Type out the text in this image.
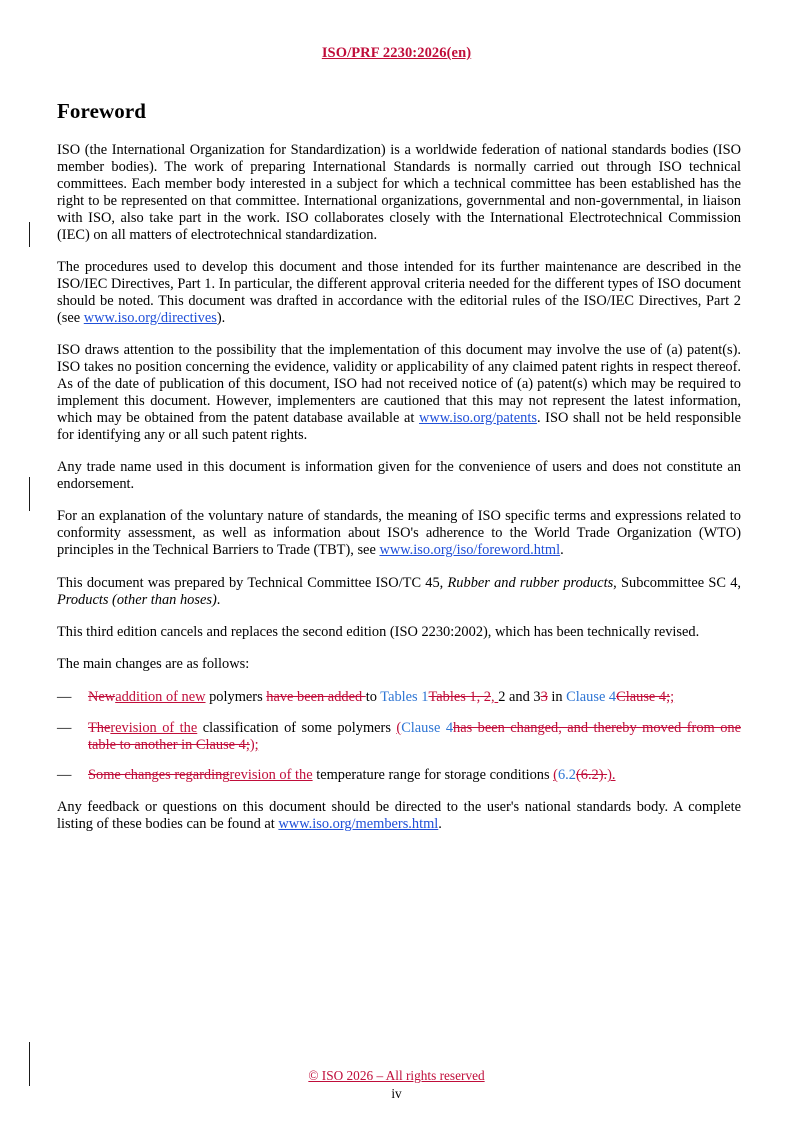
ISO/PRF 2230:2026(en)
Foreword

ISO (the International Organization for Standardization) is a worldwide federation of national standards bodies (ISO member bodies). The work of preparing International Standards is normally carried out through ISO technical committees. Each member body interested in a subject for which a technical committee has been established has the right to be represented on that committee. International organizations, governmental and non-governmental, in liaison with ISO, also take part in the work. ISO collaborates closely with the International Electrotechnical Commission (IEC) on all matters of electrotechnical standardization.

The procedures used to develop this document and those intended for its further maintenance are described in the ISO/IEC Directives, Part 1. In particular, the different approval criteria needed for the different types of ISO document should be noted. This document was drafted in accordance with the editorial rules of the ISO/IEC Directives, Part 2 (see www.iso.org/directives).

ISO draws attention to the possibility that the implementation of this document may involve the use of (a) patent(s). ISO takes no position concerning the evidence, validity or applicability of any claimed patent rights in respect thereof. As of the date of publication of this document, ISO had not received notice of (a) patent(s) which may be required to implement this document. However, implementers are cautioned that this may not represent the latest information, which may be obtained from the patent database available at www.iso.org/patents. ISO shall not be held responsible for identifying any or all such patent rights.

Any trade name used in this document is information given for the convenience of users and does not constitute an endorsement.

For an explanation of the voluntary nature of standards, the meaning of ISO specific terms and expressions related to conformity assessment, as well as information about ISO's adherence to the World Trade Organization (WTO) principles in the Technical Barriers to Trade (TBT), see www.iso.org/iso/foreword.html.

This document was prepared by Technical Committee ISO/TC 45, Rubber and rubber products, Subcommittee SC 4, Products (other than hoses).

This third edition cancels and replaces the second edition (ISO 2230:2002), which has been technically revised.

The main changes are as follows:

— Newaddition of new polymers have been added to Tables 1Tables 1, 2, 2 and 33 in Clause 4Clause 4;;
— Therevision of the classification of some polymers (Clause 4has been changed, and thereby moved from one table to another in Clause 4;);
— Some changes regardingrevision of the temperature range for storage conditions (6.2(6.2).).

Any feedback or questions on this document should be directed to the user's national standards body. A complete listing of these bodies can be found at www.iso.org/members.html.

© ISO 2026 – All rights reserved
iv
